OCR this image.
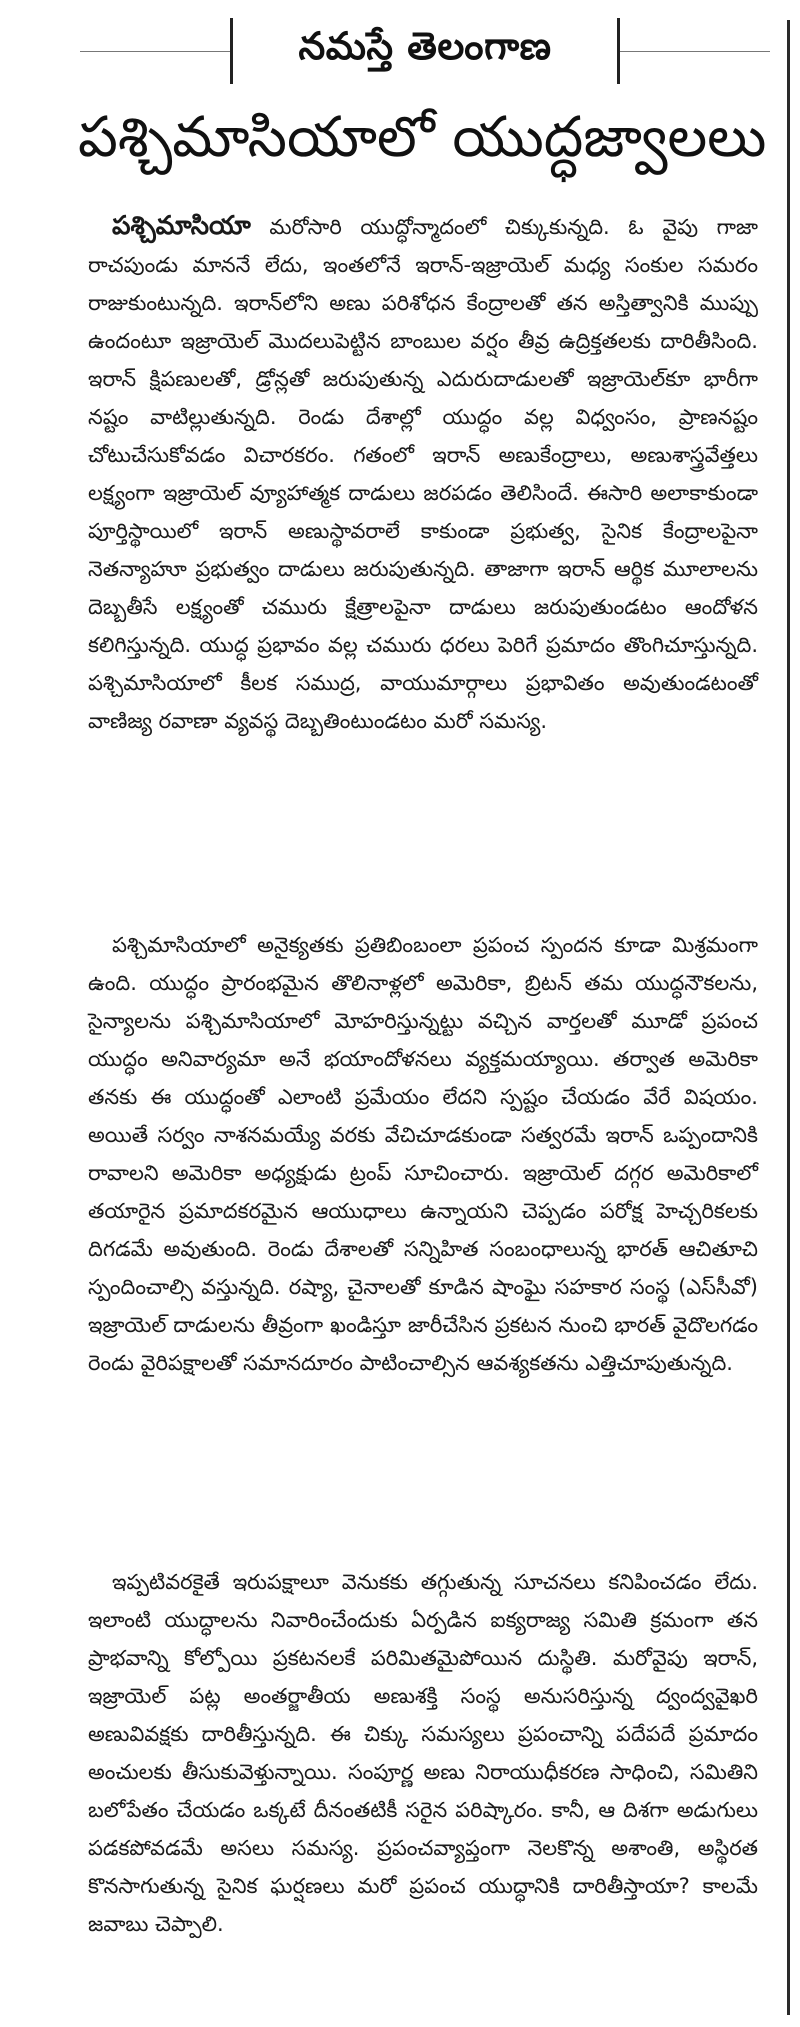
నమస్తే తెలంగాణ
పశ్చిమాసియాలో యుద్ధజ్వాలలు

పశ్చిమాసియా మరోసారి యుద్ధోన్మాదంలో చిక్కుకున్నది. ఓ వైపు గాజా రాచపుండు మాననే లేదు, ఇంతలోనే ఇరాన్-ఇజ్రాయెల్ మధ్య సంకుల సమరం రాజుకుంటున్నది. ఇరాన్‌లోని అణు పరిశోధన కేంద్రాలతో తన అస్తిత్వానికి ముప్పు ఉందంటూ ఇజ్రాయెల్ మొదలుపెట్టిన బాంబుల వర్షం తీవ్ర ఉద్రిక్తతలకు దారితీసింది. ఇరాన్ క్షిపణులతో, డ్రోన్లతో జరుపుతున్న ఎదురుదాడులతో ఇజ్రాయెల్‌కూ భారీగా నష్టం వాటిల్లుతున్నది. రెండు దేశాల్లో యుద్ధం వల్ల విధ్వంసం, ప్రాణనష్టం చోటుచేసుకోవడం విచారకరం. గతంలో ఇరాన్ అణుకేంద్రాలు, అణుశాస్త్రవేత్తలు లక్ష్యంగా ఇజ్రాయెల్ వ్యూహాత్మక దాడులు జరపడం తెలిసిందే. ఈసారి అలాకాకుండా పూర్తిస్థాయిలో ఇరాన్ అణుస్థావరాలే కాకుండా ప్రభుత్వ, సైనిక కేంద్రాలపైనా నెతన్యాహూ ప్రభుత్వం దాడులు జరుపుతున్నది. తాజాగా ఇరాన్ ఆర్థిక మూలాలను దెబ్బతీసే లక్ష్యంతో చమురు క్షేత్రాలపైనా దాడులు జరుపుతుండటం ఆందోళన కలిగిస్తున్నది. యుద్ధ ప్రభావం వల్ల చమురు ధరలు పెరిగే ప్రమాదం తొంగిచూస్తున్నది. పశ్చిమాసియాలో కీలక సముద్ర, వాయుమార్గాలు ప్రభావితం అవుతుండటంతో వాణిజ్య రవాణా వ్యవస్థ దెబ్బతింటుండటం మరో సమస్య.

పశ్చిమాసియాలో అనైక్యతకు ప్రతిబింబంలా ప్రపంచ స్పందన కూడా మిశ్రమంగా ఉంది. యుద్ధం ప్రారంభమైన తొలినాళ్లలో అమెరికా, బ్రిటన్ తమ యుద్ధనౌకలను, సైన్యాలను పశ్చిమాసియాలో మోహరిస్తున్నట్టు వచ్చిన వార్తలతో మూడో ప్రపంచ యుద్ధం అనివార్యమా అనే భయాందోళనలు వ్యక్తమయ్యాయి. తర్వాత అమెరికా తనకు ఈ యుద్ధంతో ఎలాంటి ప్రమేయం లేదని స్పష్టం చేయడం వేరే విషయం. అయితే సర్వం నాశనమయ్యే వరకు వేచిచూడకుండా సత్వరమే ఇరాన్ ఒప్పందానికి రావాలని అమెరికా అధ్యక్షుడు ట్రంప్ సూచించారు. ఇజ్రాయెల్ దగ్గర అమెరికాలో తయారైన ప్రమాదకరమైన ఆయుధాలు ఉన్నాయని చెప్పడం పరోక్ష హెచ్చరికలకు దిగడమే అవుతుంది. రెండు దేశాలతో సన్నిహిత సంబంధాలున్న భారత్ ఆచితూచి స్పందించాల్సి వస్తున్నది. రష్యా, చైనాలతో కూడిన షాంఘై సహకార సంస్థ (ఎస్‌సీవో) ఇజ్రాయెల్ దాడులను తీవ్రంగా ఖండిస్తూ జారీచేసిన ప్రకటన నుంచి భారత్ వైదొలగడం రెండు వైరిపక్షాలతో సమానదూరం పాటించాల్సిన ఆవశ్యకతను ఎత్తిచూపుతున్నది.

ఇప్పటివరకైతే ఇరుపక్షాలూ వెనుకకు తగ్గుతున్న సూచనలు కనిపించడం లేదు. ఇలాంటి యుద్ధాలను నివారించేందుకు ఏర్పడిన ఐక్యరాజ్య సమితి క్రమంగా తన ప్రాభవాన్ని కోల్పోయి ప్రకటనలకే పరిమితమైపోయిన దుస్థితి. మరోవైపు ఇరాన్, ఇజ్రాయెల్ పట్ల అంతర్జాతీయ అణుశక్తి సంస్థ అనుసరిస్తున్న ద్వంద్వవైఖరి అణువివక్షకు దారితీస్తున్నది. ఈ చిక్కు సమస్యలు ప్రపంచాన్ని పదేపదే ప్రమాదం అంచులకు తీసుకువెళ్తున్నాయి. సంపూర్ణ అణు నిరాయుధీకరణ సాధించి, సమితిని బలోపేతం చేయడం ఒక్కటే దీనంతటికీ సరైన పరిష్కారం. కానీ, ఆ దిశగా అడుగులు పడకపోవడమే అసలు సమస్య. ప్రపంచవ్యాప్తంగా నెలకొన్న అశాంతి, అస్థిరత కొనసాగుతున్న సైనిక ఘర్షణలు మరో ప్రపంచ యుద్ధానికి దారితీస్తాయా? కాలమే జవాబు చెప్పాలి.
